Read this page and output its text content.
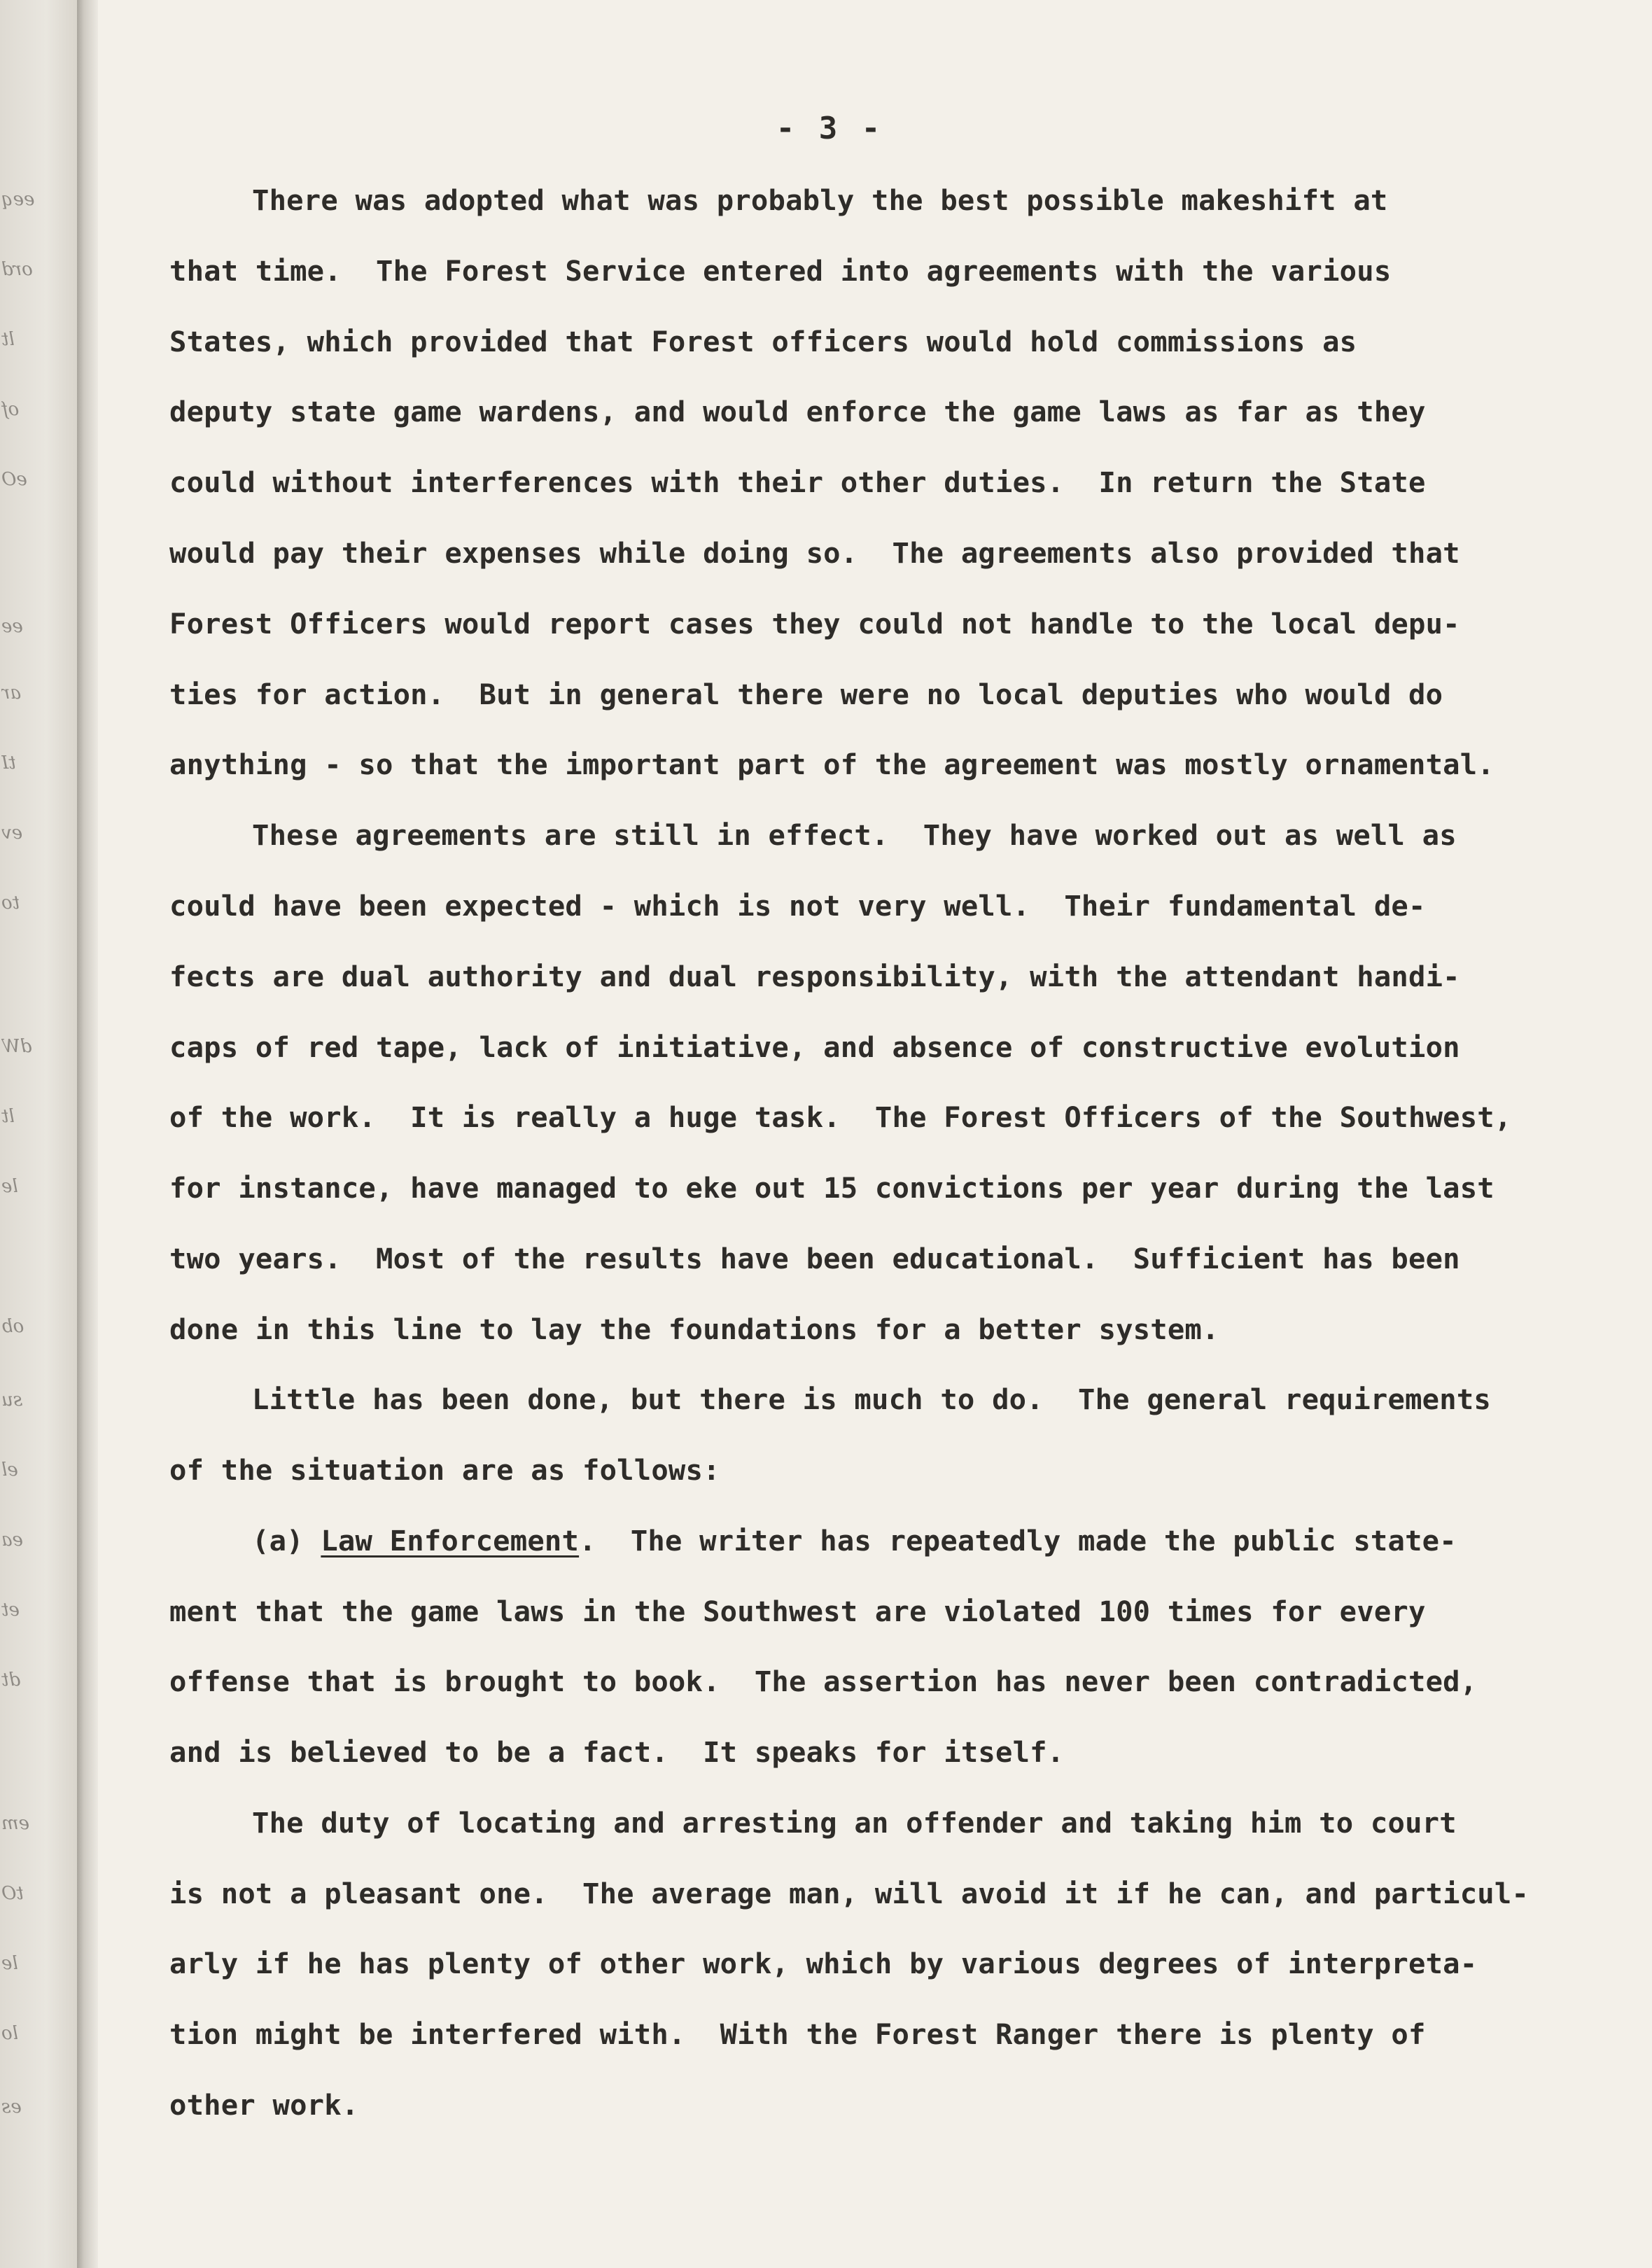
eeq
ord
lt
of
eO
ee
ar
tI
ev
to
dW
lt
le
ob
su
el
ea
et
dt
em
tO
le
lo
es
- 3 -
There was adopted what was probably the best possible makeshift at
that time.  The Forest Service entered into agreements with the various
States, which provided that Forest officers would hold commissions as
deputy state game wardens, and would enforce the game laws as far as they
could without interferences with their other duties.  In return the State
would pay their expenses while doing so.  The agreements also provided that
Forest Officers would report cases they could not handle to the local depu-
ties for action.  But in general there were no local deputies who would do
anything - so that the important part of the agreement was mostly ornamental.
These agreements are still in effect.  They have worked out as well as
could have been expected - which is not very well.  Their fundamental de-
fects are dual authority and dual responsibility, with the attendant handi-
caps of red tape, lack of initiative, and absence of constructive evolution
of the work.  It is really a huge task.  The Forest Officers of the Southwest,
for instance, have managed to eke out 15 convictions per year during the last
two years.  Most of the results have been educational.  Sufficient has been
done in this line to lay the foundations for a better system.
Little has been done, but there is much to do.  The general requirements
of the situation are as follows:
(a) Law Enforcement.  The writer has repeatedly made the public state-
ment that the game laws in the Southwest are violated 100 times for every
offense that is brought to book.  The assertion has never been contradicted,
and is believed to be a fact.  It speaks for itself.
The duty of locating and arresting an offender and taking him to court
is not a pleasant one.  The average man, will avoid it if he can, and particul-
arly if he has plenty of other work, which by various degrees of interpreta-
tion might be interfered with.  With the Forest Ranger there is plenty of
other work.
